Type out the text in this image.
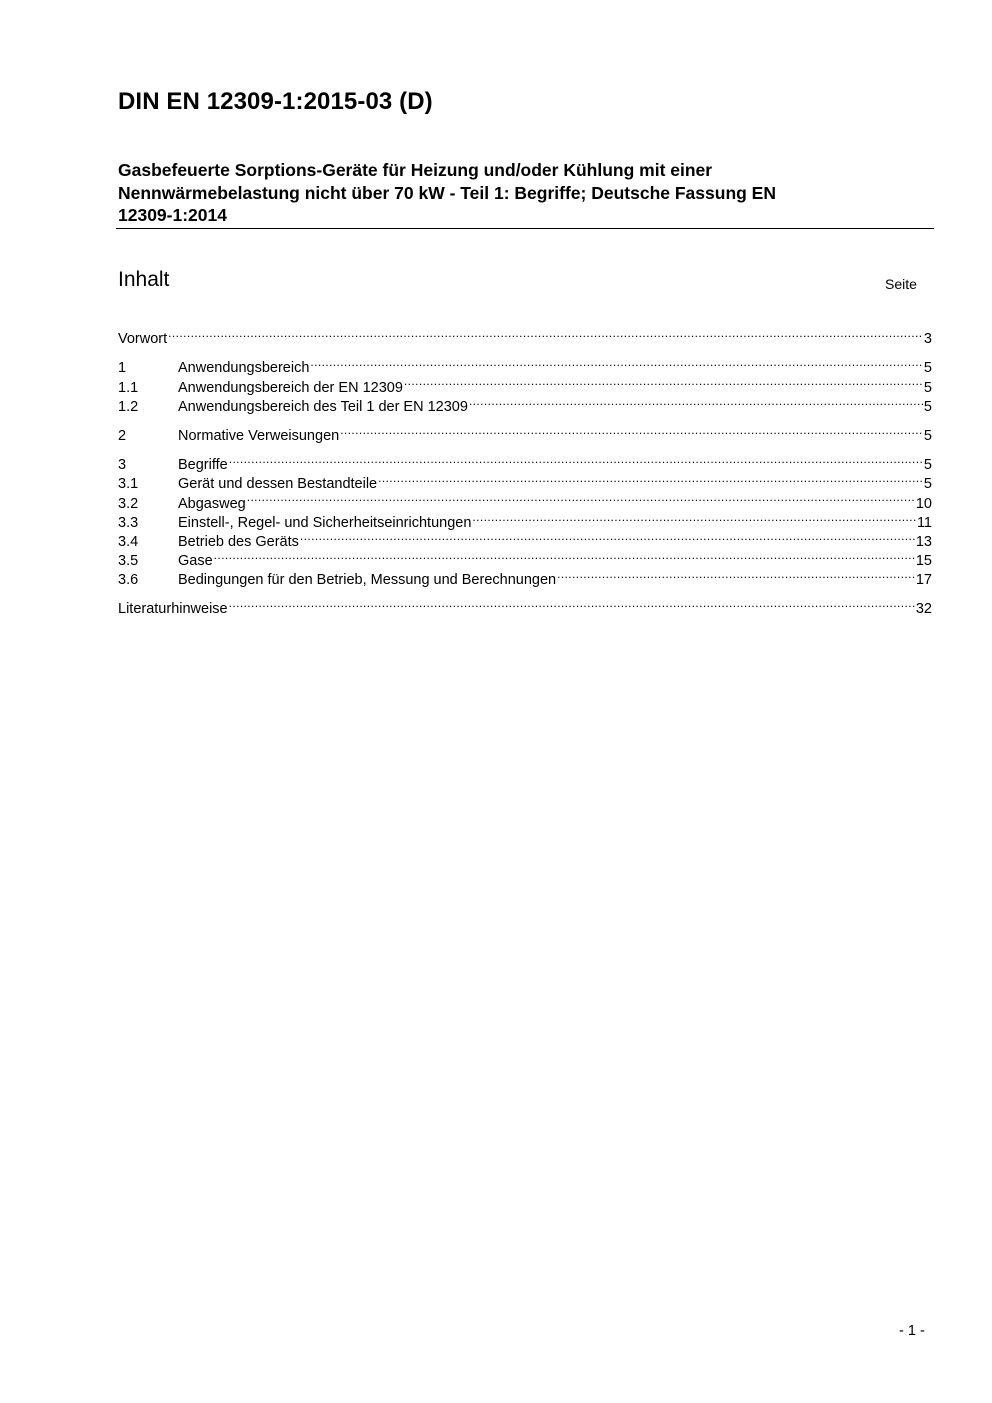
DIN EN 12309-1:2015-03 (D)
Gasbefeuerte Sorptions-Geräte für Heizung und/oder Kühlung mit einer
Nennwärmebelastung nicht über 70 kW - Teil 1: Begriffe; Deutsche Fassung EN
12309-1:2014
Inhalt	Seite
Vorwort .....	3
1	Anwendungsbereich .....	5
1.1	Anwendungsbereich der EN 12309 .....	5
1.2	Anwendungsbereich des Teil 1 der EN 12309 .....	5
2	Normative Verweisungen .....	5
3	Begriffe .....	5
3.1	Gerät und dessen Bestandteile .....	5
3.2	Abgasweg .....	10
3.3	Einstell-, Regel- und Sicherheitseinrichtungen .....	11
3.4	Betrieb des Geräts .....	13
3.5	Gase .....	15
3.6	Bedingungen für den Betrieb, Messung und Berechnungen .....	17
Literaturhinweise .....	32
- 1 -
